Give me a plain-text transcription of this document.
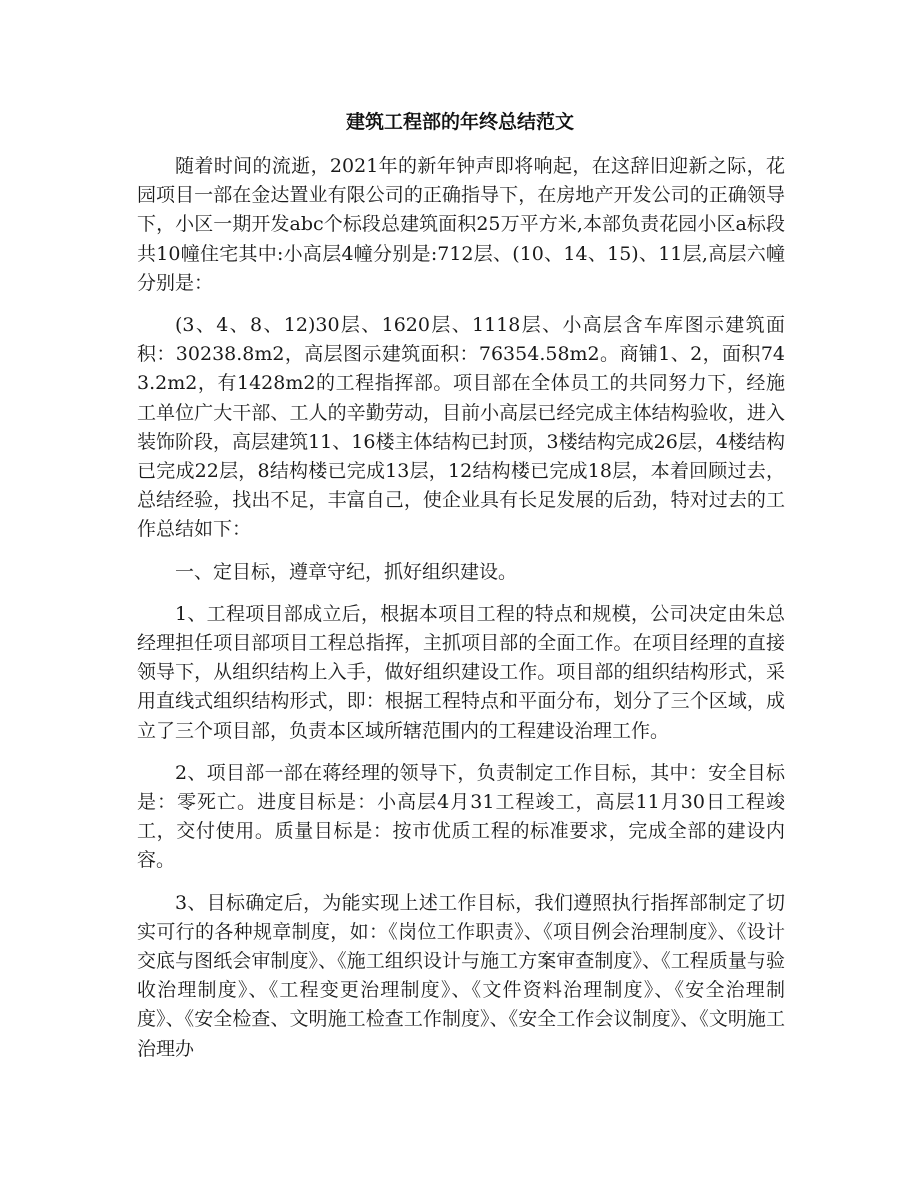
建筑工程部的年终总结范文

随着时间的流逝，2021年的新年钟声即将响起，在这辞旧迎新之际，花园项目一部在金达置业有限公司的正确指导下，在房地产开发公司的正确领导下，小区一期开发abc个标段总建筑面积25万平方米,本部负责花园小区a标段共10幢住宅其中:小高层4幢分别是:712层、(10、14、15)、11层,高层六幢分别是：

(3、4、8、12)30层、1620层、1118层、小高层含车库图示建筑面积：30238.8m2，高层图示建筑面积：76354.58m2。商铺1、2，面积743.2m2，有1428m2的工程指挥部。项目部在全体员工的共同努力下，经施工单位广大干部、工人的辛勤劳动，目前小高层已经完成主体结构验收，进入装饰阶段，高层建筑11、16楼主体结构已封顶，3楼结构完成26层，4楼结构已完成22层，8结构楼已完成13层，12结构楼已完成18层，本着回顾过去，总结经验，找出不足，丰富自己，使企业具有长足发展的后劲，特对过去的工作总结如下：

一、定目标，遵章守纪，抓好组织建设。

1、工程项目部成立后，根据本项目工程的特点和规模，公司决定由朱总经理担任项目部项目工程总指挥，主抓项目部的全面工作。在项目经理的直接领导下，从组织结构上入手，做好组织建设工作。项目部的组织结构形式，采用直线式组织结构形式，即：根据工程特点和平面分布，划分了三个区域，成立了三个项目部，负责本区域所辖范围内的工程建设治理工作。

2、项目部一部在蒋经理的领导下，负责制定工作目标，其中：安全目标是：零死亡。进度目标是：小高层4月31工程竣工，高层11月30日工程竣工，交付使用。质量目标是：按市优质工程的标准要求，完成全部的建设内容。

3、目标确定后，为能实现上述工作目标，我们遵照执行指挥部制定了切实可行的各种规章制度，如：《岗位工作职责》、《项目例会治理制度》、《设计交底与图纸会审制度》、《施工组织设计与施工方案审查制度》、《工程质量与验收治理制度》、《工程变更治理制度》、《文件资料治理制度》、《安全治理制度》、《安全检查、文明施工检查工作制度》、《安全工作会议制度》、《文明施工治理办
